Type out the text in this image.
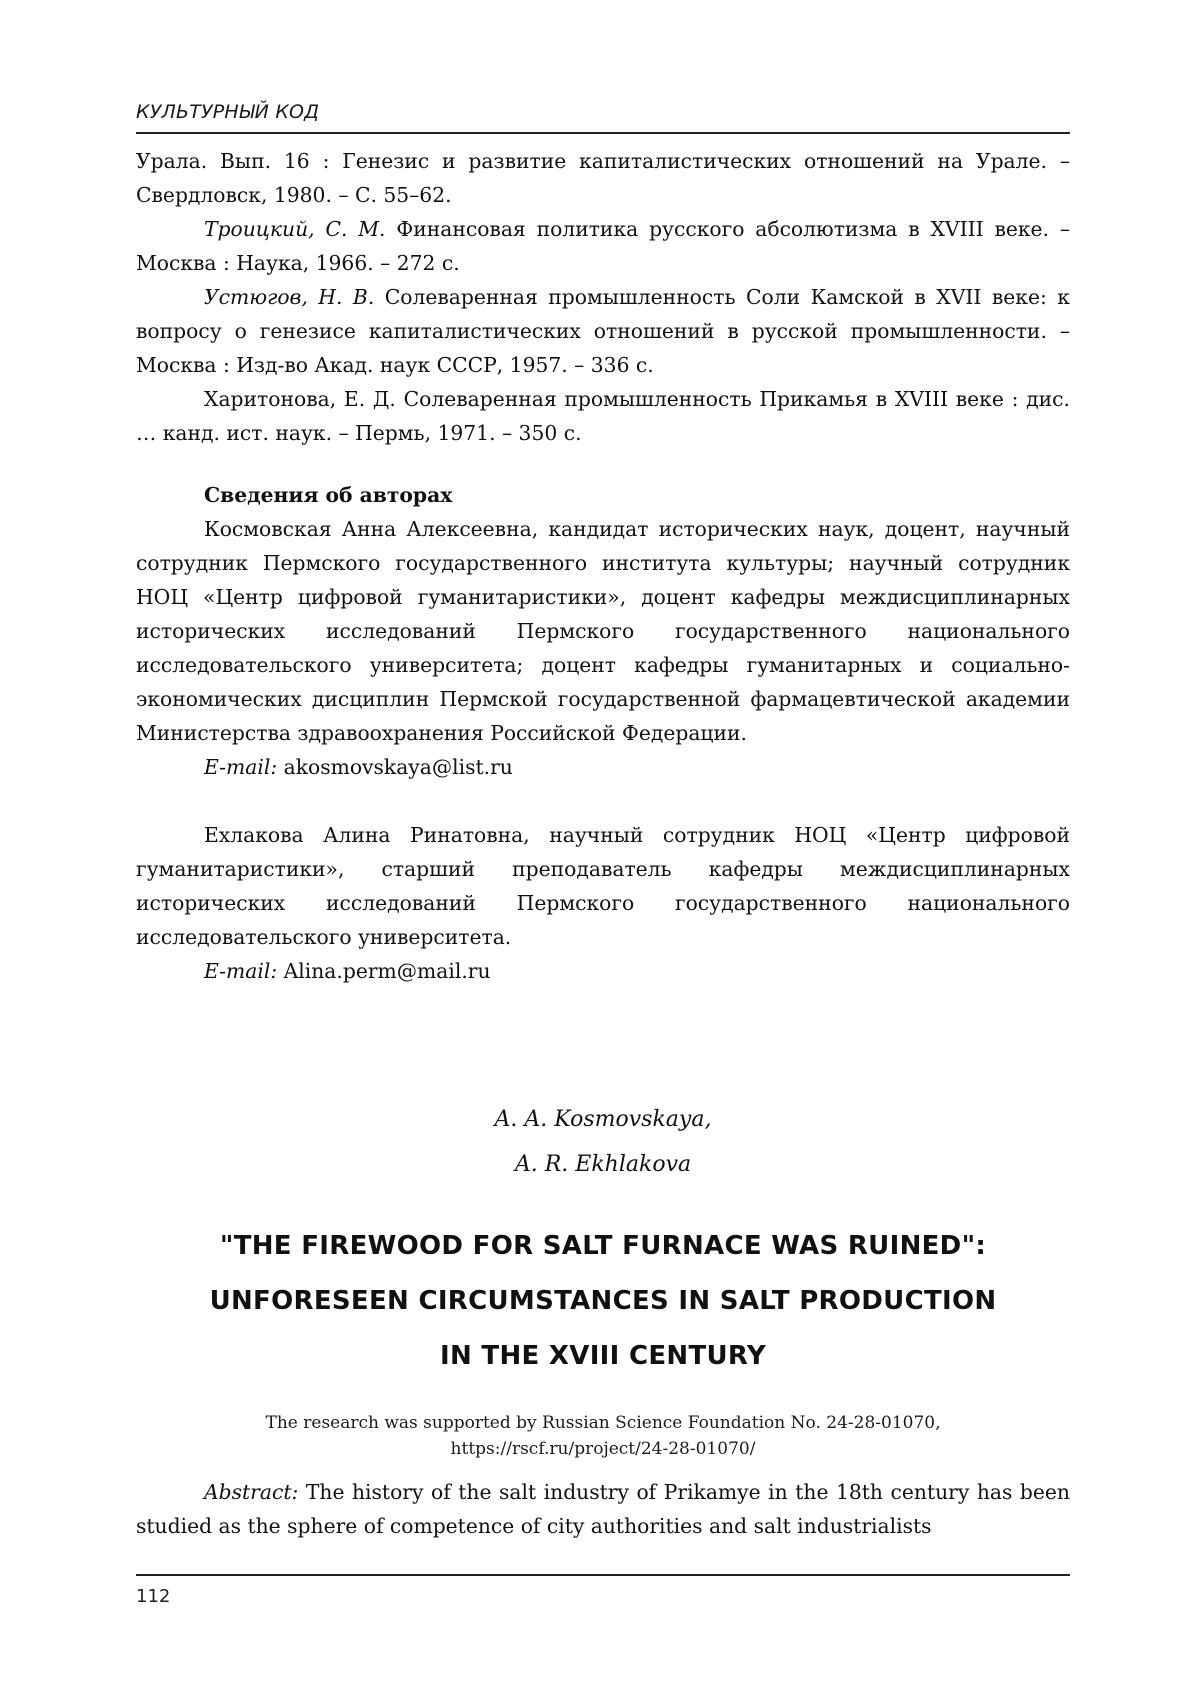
КУЛЬТУРНЫЙ КОД

Урала. Вып. 16 : Генезис и развитие капиталистических отношений на Урале. – Свердловск, 1980. – С. 55–62.

Троицкий, С. М. Финансовая политика русского абсолютизма в XVIII веке. – Москва : Наука, 1966. – 272 с.

Устюгов, Н. В. Солеваренная промышленность Соли Камской в XVII веке: к вопросу о генезисе капиталистических отношений в русской промышленности. – Москва : Изд-во Акад. наук СССР, 1957. – 336 с.

Харитонова, Е. Д. Солеваренная промышленность Прикамья в XVIII веке : дис. … канд. ист. наук. – Пермь, 1971. – 350 с.

Сведения об авторах

Космовская Анна Алексеевна, кандидат исторических наук, доцент, научный сотрудник Пермского государственного института культуры; научный сотрудник НОЦ «Центр цифровой гуманитаристики», доцент кафедры междисциплинарных исторических исследований Пермского государственного национального исследовательского университета; доцент кафедры гуманитарных и социально-экономических дисциплин Пермской государственной фармацевтической академии Министерства здравоохранения Российской Федерации.

E-mail: akosmovskaya@list.ru

Ехлакова Алина Ринатовна, научный сотрудник НОЦ «Центр цифровой гуманитаристики», старший преподаватель кафедры междисциплинарных исторических исследований Пермского государственного национального исследовательского университета.

E-mail: Alina.perm@mail.ru

A. A. Kosmovskaya,
A. R. Ekhlakova
"THE FIREWOOD FOR SALT FURNACE WAS RUINED":
UNFORESEEN CIRCUMSTANCES IN SALT PRODUCTION
IN THE XVIII CENTURY
The research was supported by Russian Science Foundation No. 24-28-01070,
https://rscf.ru/project/24-28-01070/

Abstract: The history of the salt industry of Prikamye in the 18th century has been studied as the sphere of competence of city authorities and salt industrialists

112
